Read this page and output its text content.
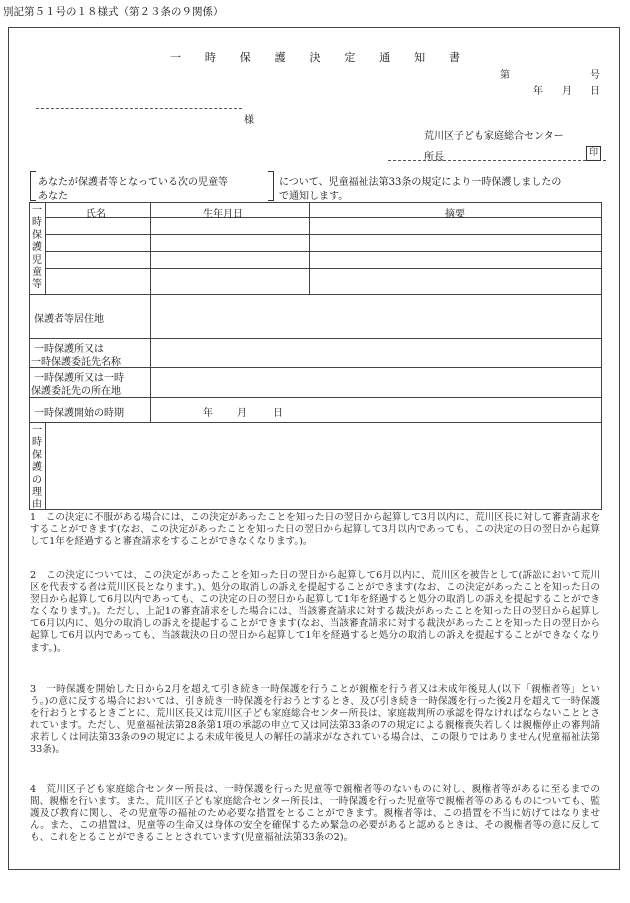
別記第５１号の１８様式（第２３条の９関係）
一 時 保 護 決 定 通 知 書
第	号
年 月 日
様
荒川区子ども家庭総合センター
所長	印
あなたが保護者等となっている次の児童等
あなた
について、児童福祉法第33条の規定により一時保護しましたの
で通知します。
一
時
保
護
児
童
等
氏名	生年月日	摘要
保護者等居住地
一時保護所又は
一時保護委託先名称
一時保護所又は一時
保護委託先の所在地
一時保護開始の時期	年 月	日
一
時
保
護
の
理
由
1　この決定に不服がある場合には、この決定があったことを知った日の翌日から起算して3月以内に、荒川区長に対して審査請求をすることができます(なお、この決定があったことを知った日の翌日から起算して3月以内であっても、この決定の日の翌日から起算して1年を経過すると審査請求をすることができなくなります。)。
2　この決定については、この決定があったことを知った日の翌日から起算して6月以内に、荒川区を被告として(訴訟において荒川区を代表する者は荒川区長となります。)、処分の取消しの訴えを提起することができます(なお、この決定があったことを知った日の翌日から起算して6月以内であっても、この決定の日の翌日から起算して1年を経過すると処分の取消しの訴えを提起することができなくなります。)。ただし、上記1の審査請求をした場合には、当該審査請求に対する裁決があったことを知った日の翌日から起算して6月以内に、処分の取消しの訴えを提起することができます(なお、当該審査請求に対する裁決があったことを知った日の翌日から起算して6月以内であっても、当該裁決の日の翌日から起算して1年を経過すると処分の取消しの訴えを提起することができなくなります。)。
3　一時保護を開始した日から2月を超えて引き続き一時保護を行うことが親権を行う者又は未成年後見人(以下「親権者等」という。)の意に反する場合においては、引き続き一時保護を行おうとするとき、及び引き続き一時保護を行った後2月を超えて一時保護を行おうとするときごとに、荒川区長又は荒川区子ども家庭総合センター所長は、家庭裁判所の承認を得なければならないこととされています。ただし、児童福祉法第28条第1項の承認の申立て又は同法第33条の7の規定による親権喪失若しくは親権停止の審判請求若しくは同法第33条の9の規定による未成年後見人の解任の請求がなされている場合は、この限りではありません(児童福祉法第33条)。
4　荒川区子ども家庭総合センター所長は、一時保護を行った児童等で親権者等のないものに対し、親権者等があるに至るまでの間、親権を行います。また、荒川区子ども家庭総合センター所長は、一時保護を行った児童等で親権者等のあるものについても、監護及び教育に関し、その児童等の福祉のため必要な措置をとることができます。親権者等は、この措置を不当に妨げてはなりません。また、この措置は、児童等の生命又は身体の安全を確保するため緊急の必要があると認めるときは、その親権者等の意に反しても、これをとることができることとされています(児童福祉法第33条の2)。
